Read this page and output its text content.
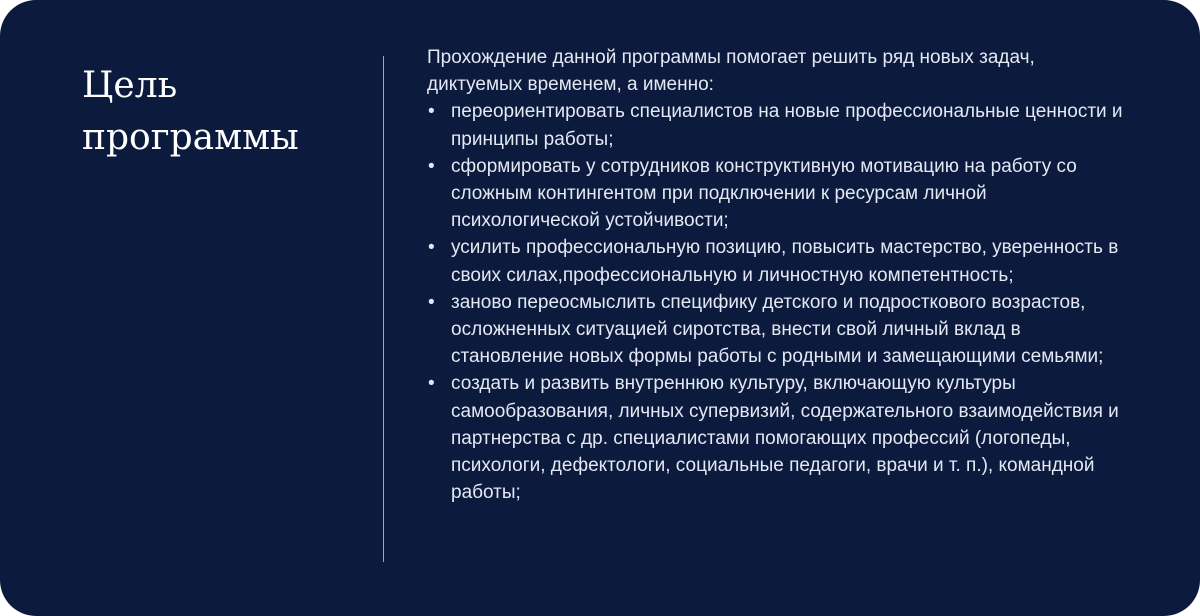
Цель программы

Прохождение данной программы помогает решить ряд новых задач, диктуемых временем, а именно:

переориентировать специалистов на новые профессиональные ценности и принципы работы;
сформировать у сотрудников конструктивную мотивацию на работу со сложным контингентом при подключении к ресурсам личной психологической устойчивости;
усилить профессиональную позицию, повысить мастерство, уверенность в своих силах,профессиональную и личностную компетентность;
заново переосмыслить специфику детского и подросткового возрастов, осложненных ситуацией сиротства, внести свой личный вклад в становление новых формы работы с родными и замещающими семьями;
создать и развить внутреннюю культуру, включающую культуры самообразования, личных супервизий, содержательного взаимодействия и партнерства с др. специалистами помогающих профессий (логопеды, психологи, дефектологи, социальные педагоги, врачи и т. п.), командной работы;
